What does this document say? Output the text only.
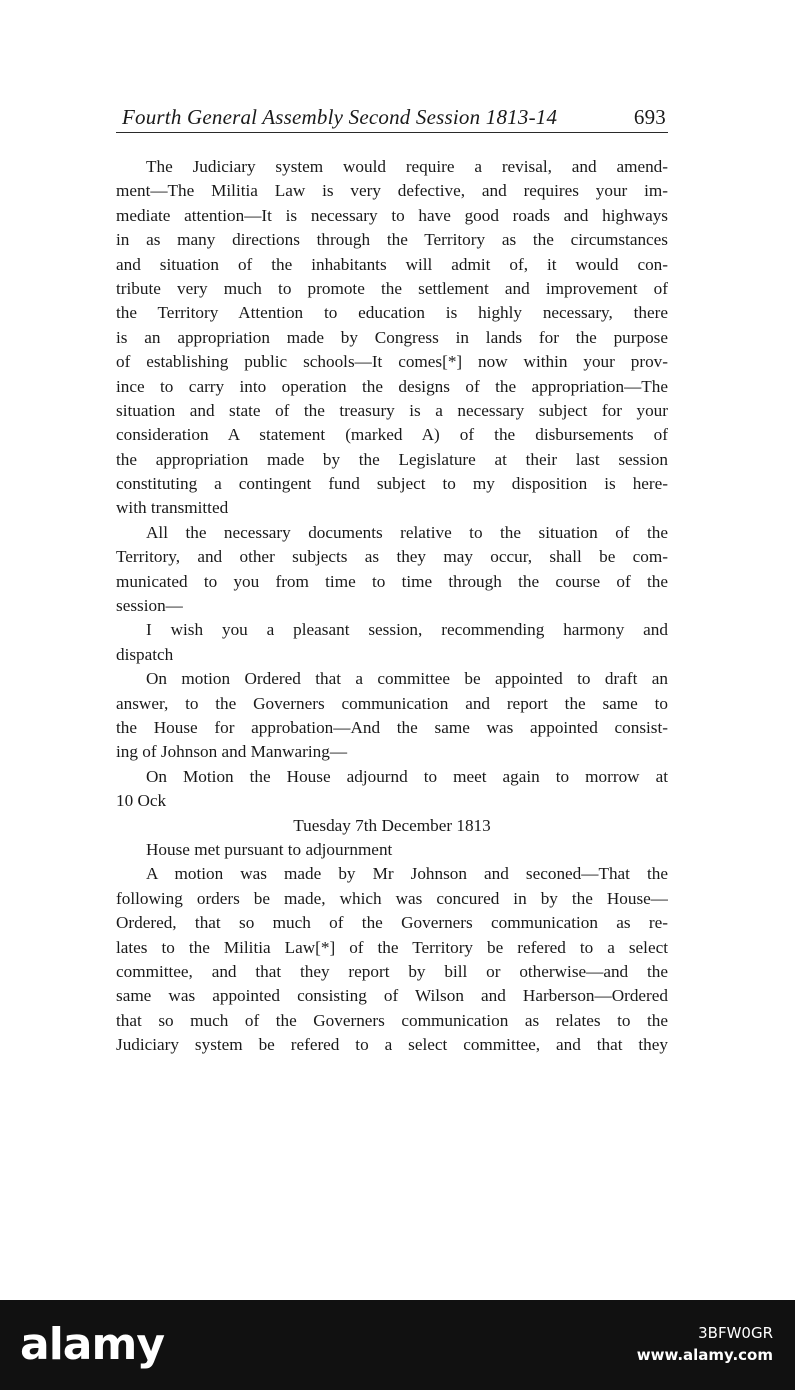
Fourth General Assembly Second Session 1813-14	693
The Judiciary system would require a revisal, and amend-
ment—The Militia Law is very defective, and requires your im-
mediate attention—It is necessary to have good roads and highways
in as many directions through the Territory as the circumstances
and situation of the inhabitants will admit of, it would con-
tribute very much to promote the settlement and improvement of
the Territory Attention to education is highly necessary, there
is an appropriation made by Congress in lands for the purpose
of establishing public schools—It comes[*] now within your prov-
ince to carry into operation the designs of the appropriation—The
situation and state of the treasury is a necessary subject for your
consideration A statement (marked A) of the disbursements of
the appropriation made by the Legislature at their last session
constituting a contingent fund subject to my disposition is here-
with transmitted
All the necessary documents relative to the situation of the
Territory, and other subjects as they may occur, shall be com-
municated to you from time to time through the course of the
session—
I wish you a pleasant session, recommending harmony and
dispatch
On motion Ordered that a committee be appointed to draft an
answer, to the Governers communication and report the same to
the House for approbation—And the same was appointed consist-
ing of Johnson and Manwaring—
On Motion the House adjournd to meet again to morrow at
10 Ock
Tuesday 7th December 1813
House met pursuant to adjournment
A motion was made by Mr Johnson and seconed—That the
following orders be made, which was concured in by the House—
Ordered, that so much of the Governers communication as re-
lates to the Militia Law[*] of the Territory be refered to a select
committee, and that they report by bill or otherwise—and the
same was appointed consisting of Wilson and Harberson—Ordered
that so much of the Governers communication as relates to the
Judiciary system be refered to a select committee, and that they
alamy	3BFW0GR
www.alamy.com
